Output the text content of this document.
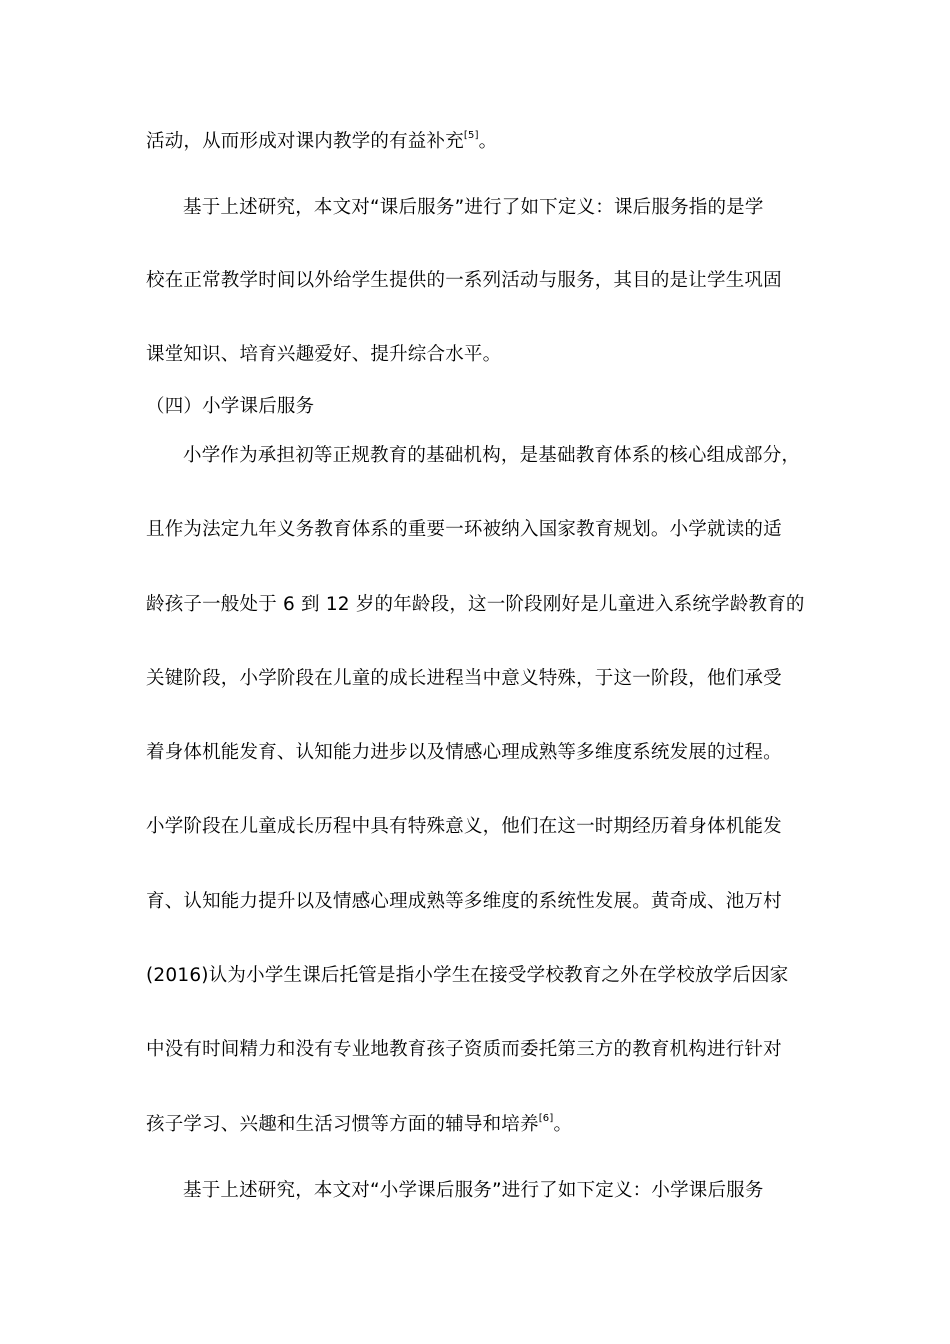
活动，从而形成对课内教学的有益补充[5]。
基于上述研究，本文对“课后服务”进行了如下定义：课后服务指的是学
校在正常教学时间以外给学生提供的一系列活动与服务，其目的是让学生巩固
课堂知识、培育兴趣爱好、提升综合水平。
（四）小学课后服务
小学作为承担初等正规教育的基础机构，是基础教育体系的核心组成部分，
且作为法定九年义务教育体系的重要一环被纳入国家教育规划。小学就读的适
龄孩子一般处于 6 到 12 岁的年龄段，这一阶段刚好是儿童进入系统学龄教育的
关键阶段，小学阶段在儿童的成长进程当中意义特殊，于这一阶段，他们承受
着身体机能发育、认知能力进步以及情感心理成熟等多维度系统发展的过程。
小学阶段在儿童成长历程中具有特殊意义，他们在这一时期经历着身体机能发
育、认知能力提升以及情感心理成熟等多维度的系统性发展。黄奇成、池万村
(2016)认为小学生课后托管是指小学生在接受学校教育之外在学校放学后因家
中没有时间精力和没有专业地教育孩子资质而委托第三方的教育机构进行针对
孩子学习、兴趣和生活习惯等方面的辅导和培养[6]。
基于上述研究，本文对“小学课后服务”进行了如下定义：小学课后服务
